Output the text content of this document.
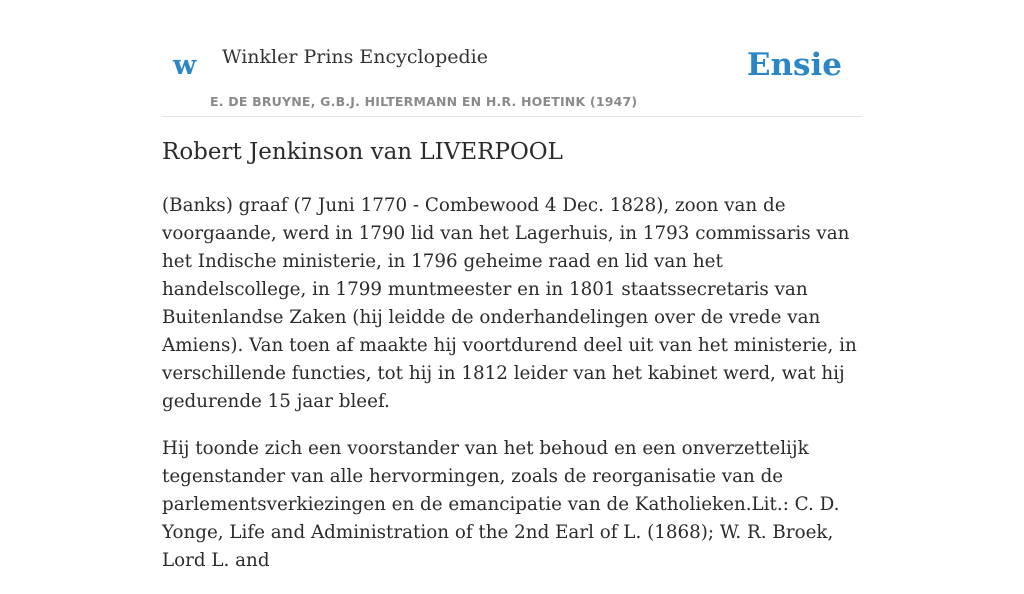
w Winkler Prins Encyclopedie
E. DE BRUYNE, G.B.J. HILTERMANN EN H.R. HOETINK (1947)
Ensie
Robert Jenkinson van LIVERPOOL

(Banks) graaf (7 Juni 1770 - Combewood 4 Dec. 1828), zoon van de voorgaande, werd in 1790 lid van het Lagerhuis, in 1793 commissaris van het Indische ministerie, in 1796 geheime raad en lid van het handelscollege, in 1799 muntmeester en in 1801 staatssecretaris van Buitenlandse Zaken (hij leidde de onderhandelingen over de vrede van Amiens). Van toen af maakte hij voortdurend deel uit van het ministerie, in verschillende functies, tot hij in 1812 leider van het kabinet werd, wat hij gedurende 15 jaar bleef.

Hij toonde zich een voorstander van het behoud en een onverzettelijk tegenstander van alle hervormingen, zoals de reorganisatie van de parlementsverkiezingen en de emancipatie van de Katholieken.Lit.: C. D. Yonge, Life and Administration of the 2nd Earl of L. (1868); W. R. Broek, Lord L. and
